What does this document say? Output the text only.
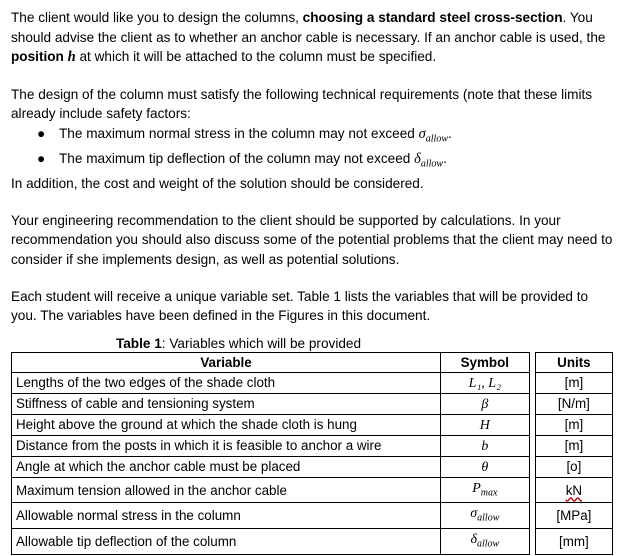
The client would like you to design the columns, choosing a standard steel cross-section. You should advise the client as to whether an anchor cable is necessary. If an anchor cable is used, the position h at which it will be attached to the column must be specified.

The design of the column must satisfy the following technical requirements (note that these limits already include safety factors:

● The maximum normal stress in the column may not exceed $\sigma_{allow}$.
● The maximum tip deflection of the column may not exceed $\delta_{allow}$.

In addition, the cost and weight of the solution should be considered.

Your engineering recommendation to the client should be supported by calculations. In your recommendation you should also discuss some of the potential problems that the client may need to consider if she implements design, as well as potential solutions.

Each student will receive a unique variable set. Table 1 lists the variables that will be provided to you. The variables have been defined in the Figures in this document.

Table 1: Variables which will be provided
Variable	Symbol		Units
Lengths of the two edges of the shade cloth	L₁, L₂		[m]
Stiffness of cable and tensioning system	β		[N/m]
Height above the ground at which the shade cloth is hung	H		[m]
Distance from the posts in which it is feasible to anchor a wire	b		[m]
Angle at which the anchor cable must be placed	θ		[o]
Maximum tension allowed in the anchor cable	$P_{max}$		kN
Allowable normal stress in the column	$\sigma_{allow}$		[MPa]
Allowable tip deflection of the column	$\delta_{allow}$		[mm]
